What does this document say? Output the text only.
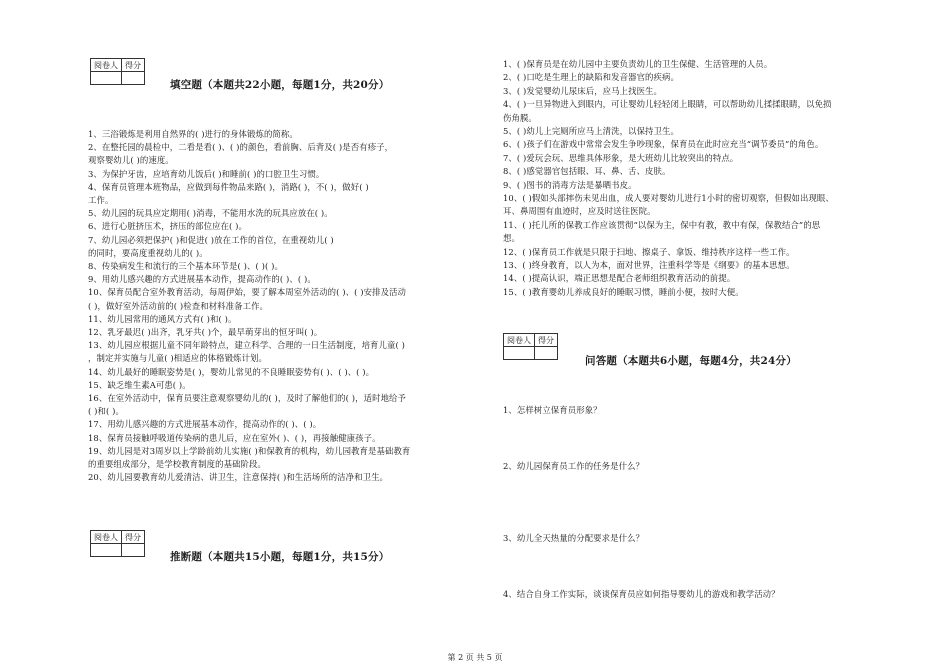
阅卷人	得分

填空题（本题共22小题，每题1分，共20分）
1、三浴锻炼是利用自然界的( )进行的身体锻炼的简称。
2、在整托园的晨检中，二看是看( )、( )的颜色，看前胸、后背及( )是否有疹子，
观察婴幼儿( )的速度。
3、为保护牙齿，应培育幼儿饭后( )和睡前( )的口腔卫生习惯。
4、保育员管理本班物品，应做到每件物品来路( )，消路( )，不( )，做好( )
工作。
5、幼儿园的玩具应定期用( )消毒，不能用水洗的玩具应放在( )。
6、进行心脏挤压术，挤压的部位应在( )。
7、幼儿园必须把保护( )和促进( )放在工作的首位，在重视幼儿( )
的同时，要高度重视幼儿的( )。
8、传染病发生和流行的三个基本环节是( )、( )( )。
9、用幼儿感兴趣的方式进展基本动作，提高动作的( )、( )。
10、保育员配合室外教育活动，每周伊始，要了解本周室外活动的( )、( )安排及活动
( )，做好室外活动前的( )检查和材料准备工作。
11、幼儿园常用的通风方式有( )和( )。
12、乳牙最迟( )出齐，乳牙共( )个，最早萌芽出的恒牙叫( )。
13、幼儿园应根据儿童不同年龄特点，建立科学、合理的一日生活制度，培育儿童( )
，制定并实施与儿童( )相适应的体格锻炼计划。
14、幼儿最好的睡眠姿势是( )，婴幼儿常见的不良睡眠姿势有( )、( )、( )。
15、缺乏维生素A可患( )。
16、在室外活动中，保育员要注意观察婴幼儿的( )，及时了解他们的( )，适时地给予
( )和( )。
17、用幼儿感兴趣的方式进展基本动作，提高动作的( )、( )。
18、保育员接触呼吸道传染病的患儿后，应在室外( )、( )，再接触健康孩子。
19、幼儿园是对3周岁以上学龄前幼儿实施( )和保教育的机构，幼儿园教育是基础教育
的重要组成部分，是学校教育制度的基础阶段。
20、幼儿园要教育幼儿爱清洁、讲卫生，注意保持( )和生活场所的洁净和卫生。
阅卷人	得分

推断题（本题共15小题，每题1分，共15分）
1、( )保育员是在幼儿园中主要负责幼儿的卫生保健、生活管理的人员。
2、( )口吃是生理上的缺陷和发音器官的疾病。
3、( )发觉婴幼儿尿床后，应马上找医生。
4、( )一旦异物进入到眼内，可让婴幼儿轻轻闭上眼睛，可以帮助幼儿揉揉眼睛，以免损
伤角膜。
5、( )幼儿上完厕所应马上清洗，以保持卫生。
6、( )孩子们在游戏中常常会发生争吵现象，保育员在此时应充当“调节委员”的角色。
7、( )爱玩会玩、思维具体形象，是大班幼儿比较突出的特点。
8、( )感觉器官包括眼、耳、鼻、舌、皮肤。
9、( )图书的消毒方法是暴晒书皮。
10、( )假如头部摔伤未见出血，成人要对婴幼儿进行1小时的密切观察，但假如出现眼、
耳、鼻周围有血迹时，应及时送往医院。
11、( )托儿所的保教工作应该贯彻“以保为主，保中有教，教中有保，保教结合”的思
想。
12、( )保育员工作就是只限于扫地、擦桌子、拿饭、维持秩序这样一些工作。
13、( )终身教育，以人为本，面对世界，注重科学等是《纲要》的基本思想。
14、( )提高认识，端正思想是配合老师组织教育活动的前提。
15、( )教育婴幼儿养成良好的睡眠习惯，睡前小便，按时大便。
阅卷人	得分

问答题（本题共6小题，每题4分，共24分）
1、怎样树立保育员形象？
2、幼儿园保育员工作的任务是什么？
3、幼儿全天热量的分配要求是什么？
4、结合自身工作实际，谈谈保育员应如何指导婴幼儿的游戏和教学活动？
第 2 页 共 5 页
